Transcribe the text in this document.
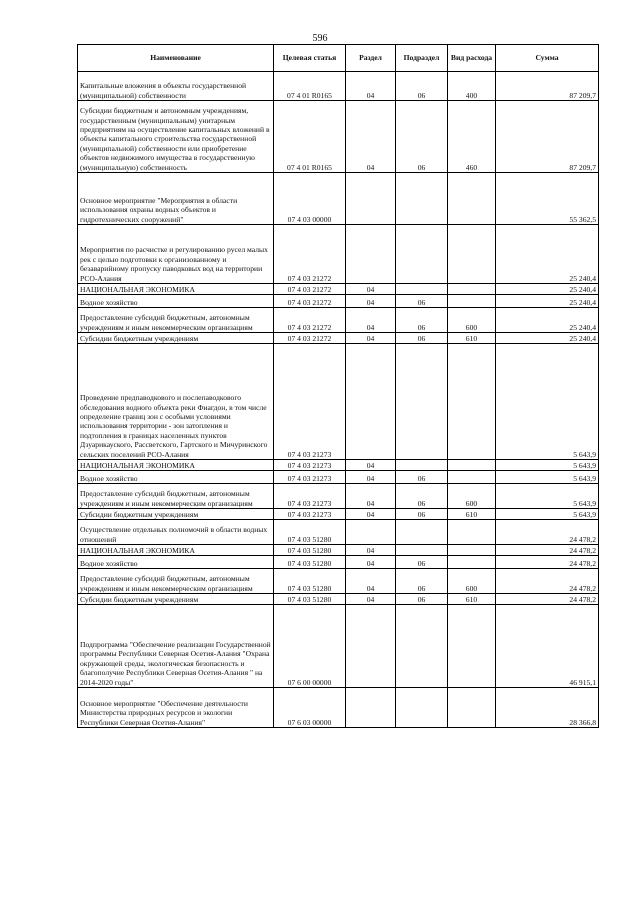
596
Наименование	Целевая статья	Раздел	Подраздел	Вид расхода	Сумма
Капитальные вложения в объекты государственной (муниципальной) собственности	07 4 01 R0165	04	06	400	87 209,7
Субсидии бюджетным и автономным учреждениям, государственным (муниципальным) унитарным предприятиям на осуществление капитальных вложений в объекты капитального строительства государственной (муниципальной) собственности или приобретение объектов недвижимого имущества в государственную (муниципальную) собственность	07 4 01 R0165	04	06	460	87 209,7
Основное мероприятие "Мероприятия в области использования охраны водных объектов и гидротехнических сооружений"	07 4 03 00000				55 362,5
Мероприятия по расчистке и регулированию русел малых рек с целью подготовки к организованному и безаварийному пропуску паводковых вод на территории РСО-Алания	07 4 03 21272				25 240,4
НАЦИОНАЛЬНАЯ ЭКОНОМИКА	07 4 03 21272	04			25 240,4
Водное хозяйство	07 4 03 21272	04	06		25 240,4
Предоставление субсидий бюджетным, автономным учреждениям и иным некоммерческим организациям	07 4 03 21272	04	06	600	25 240,4
Субсидии бюджетным учреждениям	07 4 03 21272	04	06	610	25 240,4
Проведение предпаводкового и послепаводкового обследования водного объекта реки Фиагдон, в том числе определение границ зон с особыми условиями использования территории - зон затопления и подтопления в границах населенных пунктов Дзуарикауского, Рассветского, Гартского и Мичуринского сельских поселений РСО-Алания	07 4 03 21273				5 643,9
НАЦИОНАЛЬНАЯ ЭКОНОМИКА	07 4 03 21273	04			5 643,9
Водное хозяйство	07 4 03 21273	04	06		5 643,9
Предоставление субсидий бюджетным, автономным учреждениям и иным некоммерческим организациям	07 4 03 21273	04	06	600	5 643,9
Субсидии бюджетным учреждениям	07 4 03 21273	04	06	610	5 643,9
Осуществление отдельных полномочий в области водных отношений	07 4 03 51280				24 478,2
НАЦИОНАЛЬНАЯ ЭКОНОМИКА	07 4 03 51280	04			24 478,2
Водное хозяйство	07 4 03 51280	04	06		24 478,2
Предоставление субсидий бюджетным, автономным учреждениям и иным некоммерческим организациям	07 4 03 51280	04	06	600	24 478,2
Субсидии бюджетным учреждениям	07 4 03 51280	04	06	610	24 478,2
Подпрограмма "Обеспечение реализации Государственной программы Республики Северная Осетия-Алания "Охрана окружающей среды, экологическая безопасность и благополучие Республики Северная Осетия-Алания " на 2014-2020 годы"	07 6 00 00000				46 915,1
Основное мероприятие "Обеспечение деятельности Министерства природных ресурсов и экологии Республики Северная Осетия-Алания"	07 6 03 00000				28 366,8
